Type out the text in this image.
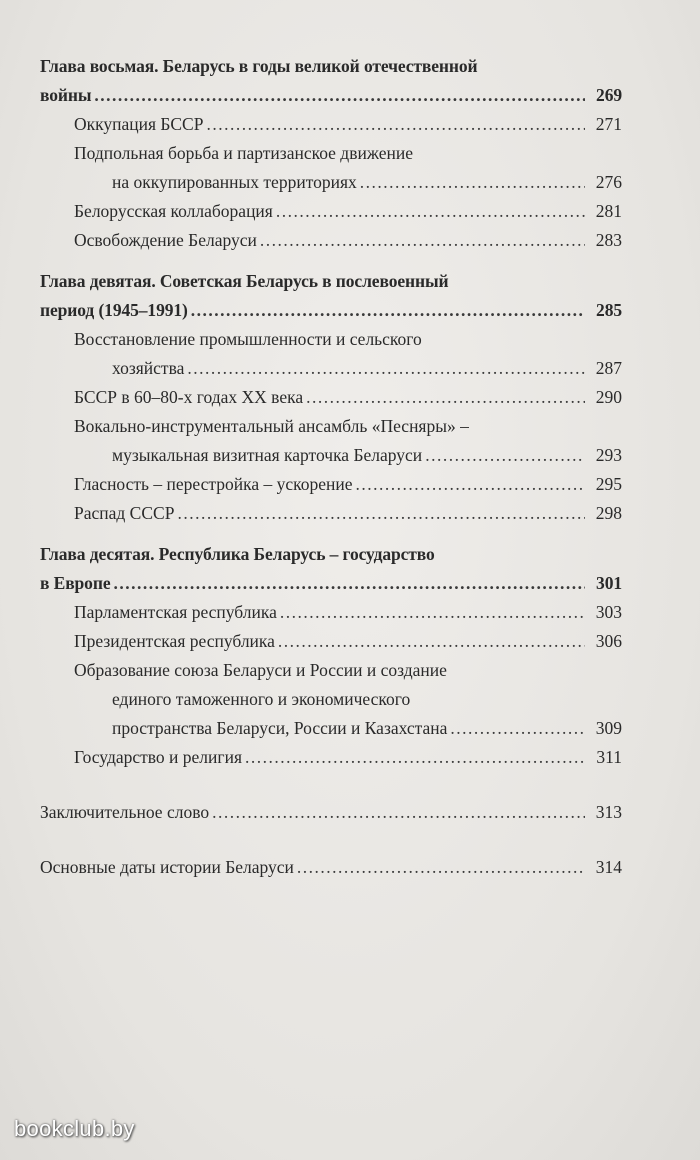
Глава восьмая. Беларусь в годы великой отечественной
войны .....	269
Оккупация БССР .....	271
Подпольная борьба и партизанское движение
на оккупированных территориях .....	276
Белорусская коллаборация .....	281
Освобождение Беларуси .....	283
Глава девятая. Советская Беларусь в послевоенный
период (1945–1991) .....	285
Восстановление промышленности и сельского
хозяйства .....	287
БССР в 60–80-х годах XX века .....	290
Вокально-инструментальный ансамбль «Песняры» –
музыкальная визитная карточка Беларуси .....	293
Гласность – перестройка – ускорение .....	295
Распад СССР .....	298
Глава десятая. Республика Беларусь – государство
в Европе .....	301
Парламентская республика .....	303
Президентская республика .....	306
Образование союза Беларуси и России и создание
единого таможенного и экономического
пространства Беларуси, России и Казахстана .....	309
Государство и религия .....	311
Заключительное слово .....	313
Основные даты истории Беларуси .....	314
bookclub.by
